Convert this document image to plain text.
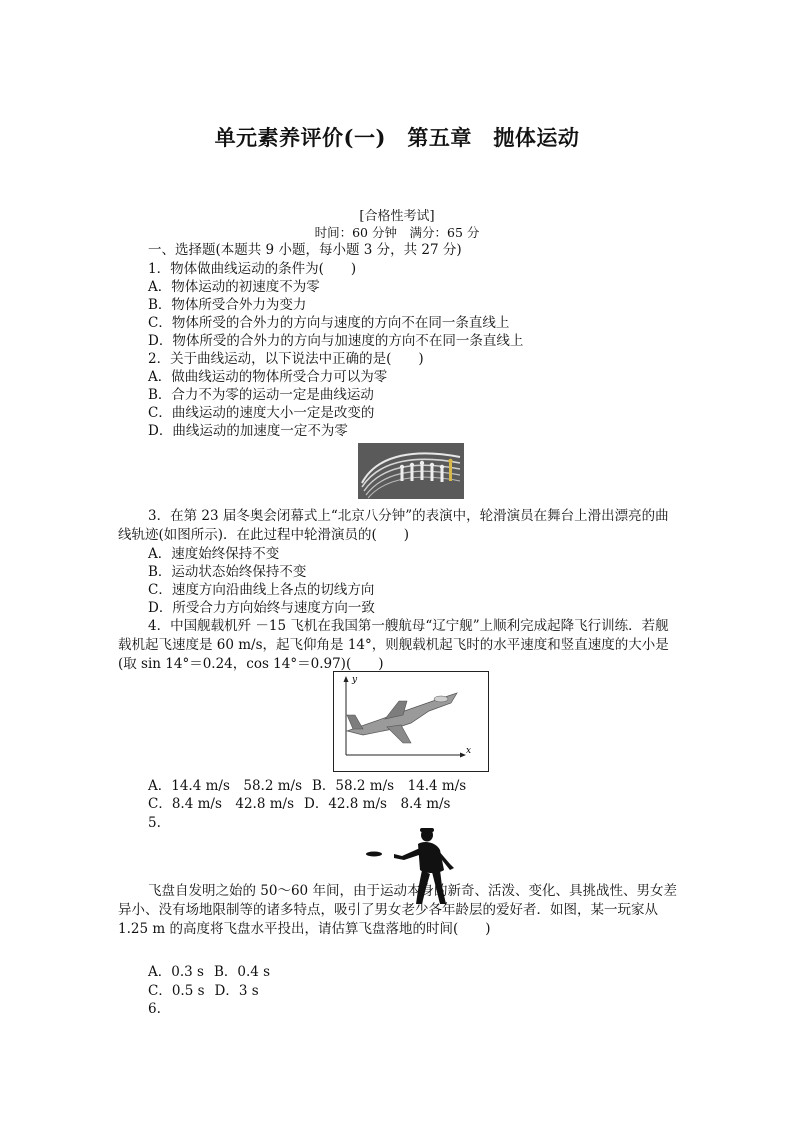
单元素养评价(一)　第五章　抛体运动
[合格性考试]
时间：60 分钟　满分：65 分
一、选择题(本题共 9 小题，每小题 3 分，共 27 分)
1．物体做曲线运动的条件为(　　)
A．物体运动的初速度不为零
B．物体所受合外力为变力
C．物体所受的合外力的方向与速度的方向不在同一条直线上
D．物体所受的合外力的方向与加速度的方向不在同一条直线上
2．关于曲线运动，以下说法中正确的是(　　)
A．做曲线运动的物体所受合力可以为零
B．合力不为零的运动一定是曲线运动
C．曲线运动的速度大小一定是改变的
D．曲线运动的加速度一定不为零
3．在第 23 届冬奥会闭幕式上“北京八分钟”的表演中，轮滑演员在舞台上滑出漂亮的曲线轨迹(如图所示)．在此过程中轮滑演员的(　　)
A．速度始终保持不变
B．运动状态始终保持不变
C．速度方向沿曲线上各点的切线方向
D．所受合力方向始终与速度方向一致
4．中国舰载机歼 －15 飞机在我国第一艘航母“辽宁舰”上顺利完成起降飞行训练．若舰载机起飞速度是 60 m/s，起飞仰角是 14°，则舰载机起飞时的水平速度和竖直速度的大小是(取 sin 14°＝0.24，cos 14°＝0.97)(　　)
y
x
A．14.4 m/s　58.2 m/s B．58.2 m/s　14.4 m/s
C．8.4 m/s　42.8 m/s D．42.8 m/s　8.4 m/s
5.
飞盘自发明之始的 50～60 年间，由于运动本身的新奇、活泼、变化、具挑战性、男女差异小、没有场地限制等的诸多特点，吸引了男女老少各年龄层的爱好者．如图，某一玩家从 1.25 m 的高度将飞盘水平投出，请估算飞盘落地的时间(　　)
A．0.3 s B．0.4 s
C．0.5 s D．3 s
6.
